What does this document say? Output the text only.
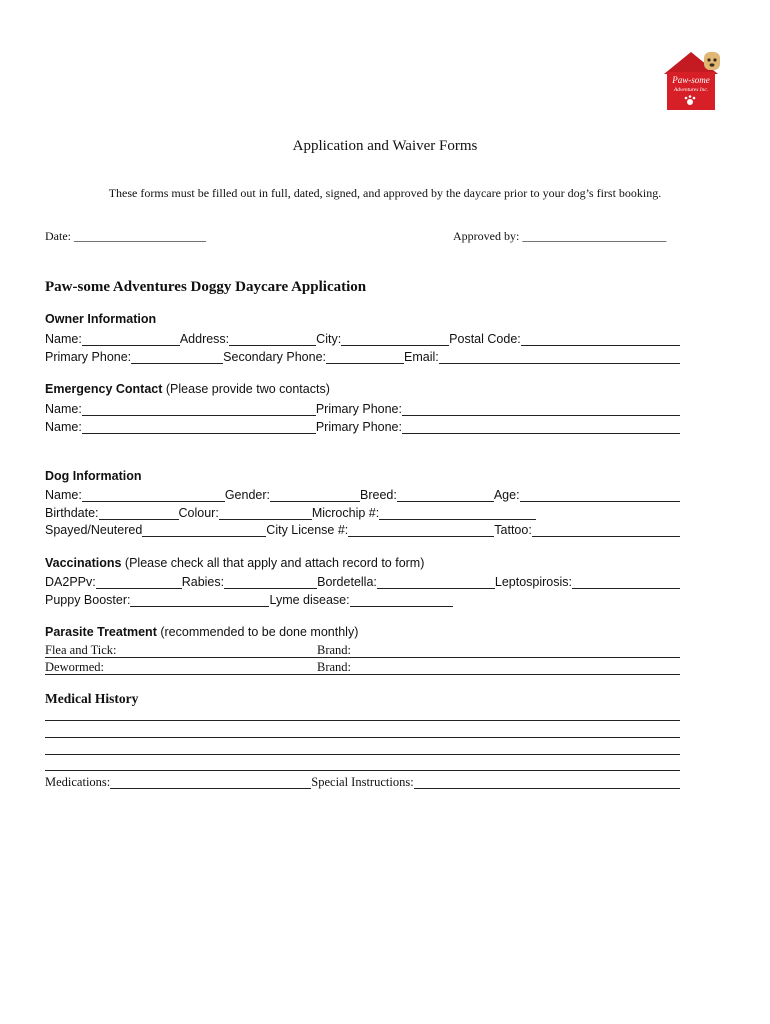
Paw-some
Adventures Inc.
Application and Waiver Forms
These forms must be filled out in full, dated, signed, and approved by the daycare prior to your dog’s first booking.
Date: ______________________	Approved by: ________________________
Paw-some Adventures Doggy Daycare Application
Owner Information
Name:	Address:	City:	Postal Code:
Primary Phone:	Secondary Phone:	Email:
Emergency Contact (Please provide two contacts)
Name:	Primary Phone:
Name:	Primary Phone:
Dog Information
Name:	Gender:	Breed:	Age:
Birthdate:	Colour:	Microchip #:
Spayed/Neutered	City License #:	Tattoo:
Vaccinations (Please check all that apply and attach record to form)
DA2PPv:	Rabies:	Bordetella:	Leptospirosis:
Puppy Booster:	Lyme disease:
Parasite Treatment (recommended to be done monthly)
Flea and Tick:	Brand:
Dewormed:	Brand:
Medical History
Medications:	Special Instructions:
